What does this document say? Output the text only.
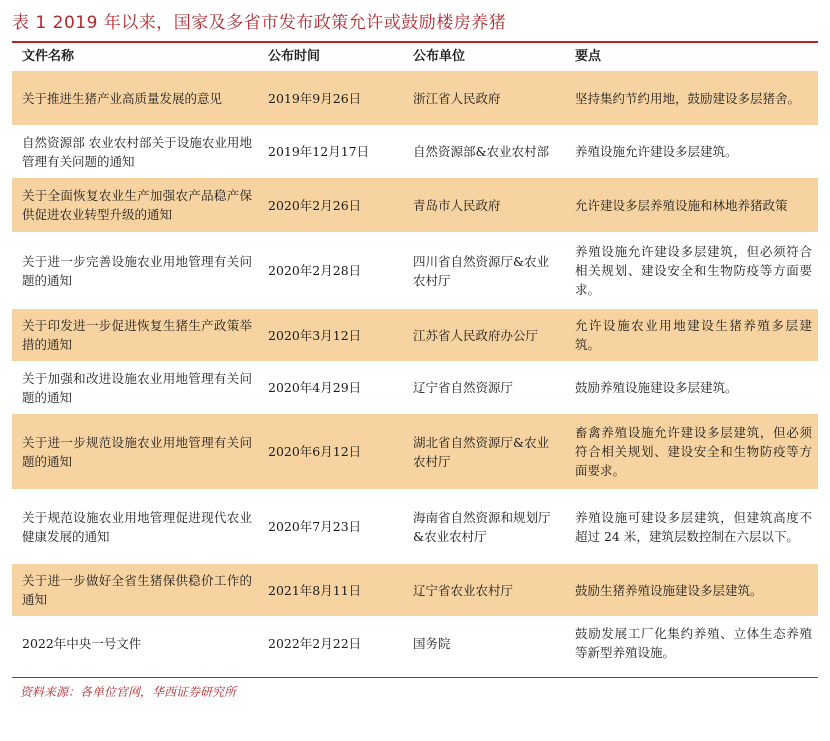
表 1 2019 年以来，国家及多省市发布政策允许或鼓励楼房养猪
文件名称	公布时间	公布单位	要点
关于推进生猪产业高质量发展的意见	2019年9月26日	浙江省人民政府	坚持集约节约用地，鼓励建设多层猪舍。
自然资源部 农业农村部关于设施农业用地管理有关问题的通知	2019年12月17日	自然资源部&农业农村部	养殖设施允许建设多层建筑。
关于全面恢复农业生产加强农产品稳产保供促进农业转型升级的通知	2020年2月26日	青岛市人民政府	允许建设多层养殖设施和林地养猪政策
关于进一步完善设施农业用地管理有关问题的通知	2020年2月28日	四川省自然资源厅&农业农村厅	养殖设施允许建设多层建筑，但必须符合相关规划、建设安全和生物防疫等方面要求。
关于印发进一步促进恢复生猪生产政策举措的通知	2020年3月12日	江苏省人民政府办公厅	允许设施农业用地建设生猪养殖多层建筑。
关于加强和改进设施农业用地管理有关问题的通知	2020年4月29日	辽宁省自然资源厅	鼓励养殖设施建设多层建筑。
关于进一步规范设施农业用地管理有关问题的通知	2020年6月12日	湖北省自然资源厅&农业农村厅	畜禽养殖设施允许建设多层建筑，但必须符合相关规划、建设安全和生物防疫等方面要求。
关于规范设施农业用地管理促进现代农业健康发展的通知	2020年7月23日	海南省自然资源和规划厅&农业农村厅	养殖设施可建设多层建筑，但建筑高度不超过 24 米，建筑层数控制在六层以下。
关于进一步做好全省生猪保供稳价工作的通知	2021年8月11日	辽宁省农业农村厅	鼓励生猪养殖设施建设多层建筑。
2022年中央一号文件	2022年2月22日	国务院	鼓励发展工厂化集约养殖、立体生态养殖等新型养殖设施。
资料来源：各单位官网，华西证券研究所
